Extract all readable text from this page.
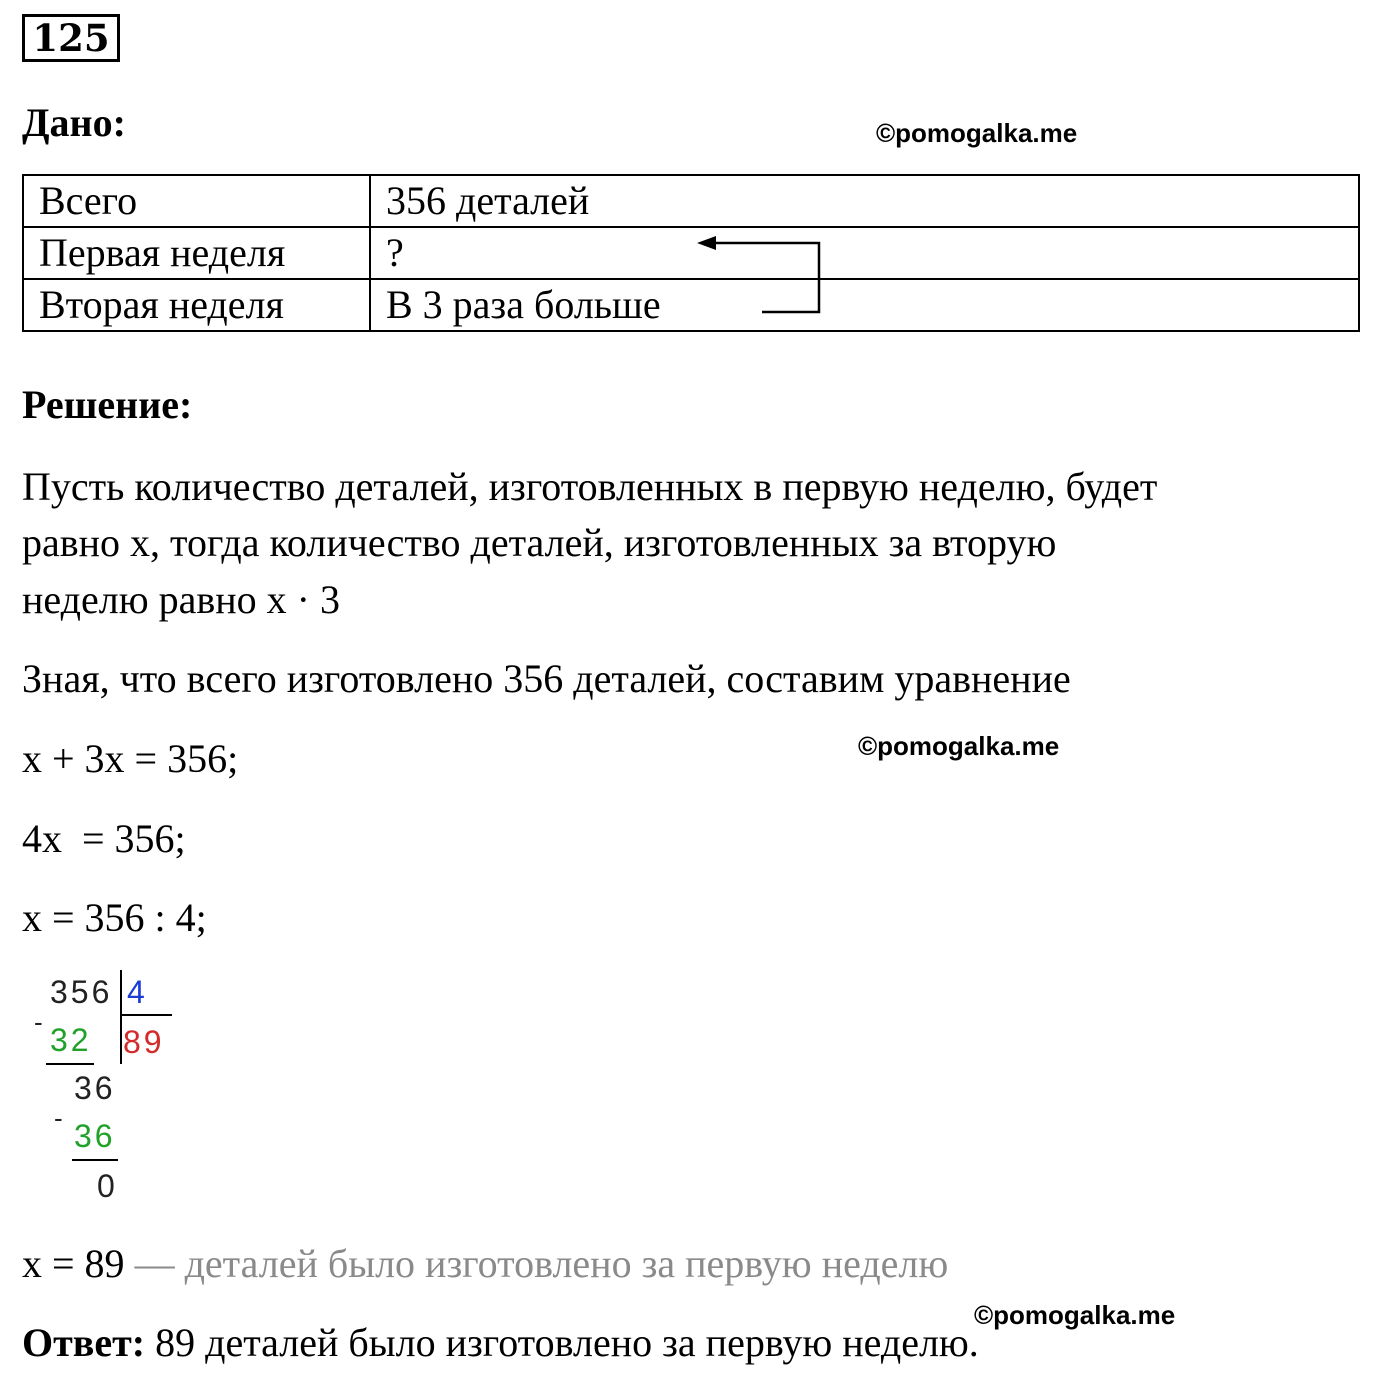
125
Дано:	©pomogalka.me
Всего	356 деталей
Первая неделя	?
Вторая неделя	В 3 раза больше
Решение:
Пусть количество деталей, изготовленных в первую неделю, будет
равно х, тогда количество деталей, изготовленных за вторую
неделю равно х · 3
Зная, что всего изготовлено 356 деталей, составим уравнение
х + 3х = 356;	©pomogalka.me
4х  = 356;
х = 356 : 4;
356 4
- 32 89
36
- 36
0
х = 89 — деталей было изготовлено за первую неделю
©pomogalka.me
Ответ: 89 деталей было изготовлено за первую неделю.
